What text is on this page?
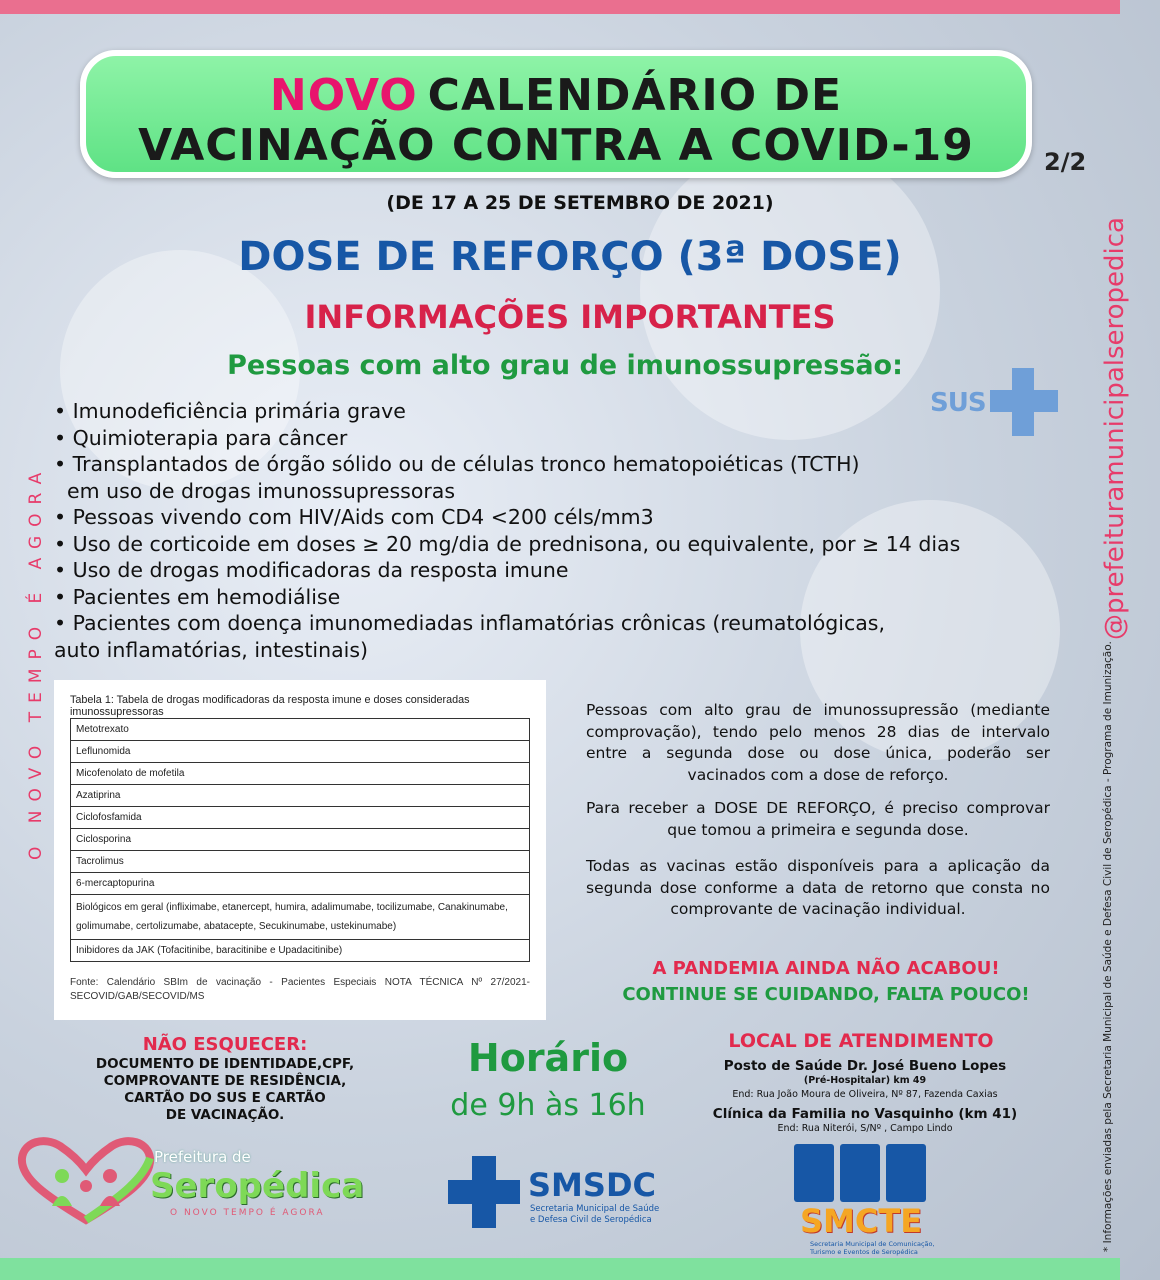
NOVO CALENDÁRIO DE
VACINAÇÃO CONTRA A COVID-19	2/2
(DE 17 A 25 DE SETEMBRO DE 2021)
DOSE DE REFORÇO (3ª DOSE)
INFORMAÇÕES IMPORTANTES
Pessoas com alto grau de imunossupressão:
SUS
• Imunodeficiência primária grave
• Quimioterapia para câncer
• Transplantados de órgão sólido ou de células tronco hematopoiéticas (TCTH)
em uso de drogas imunossupressoras
• Pessoas vivendo com HIV/Aids com CD4 <200 céls/mm3
• Uso de corticoide em doses ≥ 20 mg/dia de prednisona, ou equivalente, por ≥ 14 dias
• Uso de drogas modificadoras da resposta imune
• Pacientes em hemodiálise
• Pacientes com doença imunomediadas inflamatórias crônicas (reumatológicas,
auto inflamatórias, intestinais)
O NOVO TEMPO É AGORA
@prefeituramunicipalseropedica
* Informações enviadas pela Secretaria Municipal de Saúde e Defesa Civil de Seropédica - Programa de Imunização.
Tabela 1: Tabela de drogas modificadoras da resposta imune e doses consideradas imunossupressoras
Metotrexato
Leflunomida
Micofenolato de mofetila
Azatiprina
Ciclofosfamida
Ciclosporina
Tacrolimus
6-mercaptopurina
Biológicos em geral (infliximabe, etanercept, humira, adalimumabe, tocilizumabe, Canakinumabe, golimumabe, certolizumabe, abatacepte, Secukinumabe, ustekinumabe)
Inibidores da JAK (Tofacitinibe, baracitinibe e Upadacitinibe)
Fonte: Calendário SBIm de vacinação - Pacientes Especiais NOTA TÉCNICA Nº 27/2021-SECOVID/GAB/SECOVID/MS

Pessoas com alto grau de imunossupressão (mediante comprovação), tendo pelo menos 28 dias de intervalo entre a segunda dose ou dose única, poderão ser vacinados com a dose de reforço.

Para receber a DOSE DE REFORÇO, é preciso comprovar que tomou a primeira e segunda dose.

Todas as vacinas estão disponíveis para a aplicação da segunda dose conforme a data de retorno que consta no comprovante de vacinação individual.

A PANDEMIA AINDA NÃO ACABOU!
CONTINUE SE CUIDANDO, FALTA POUCO!
NÃO ESQUECER:
DOCUMENTO DE IDENTIDADE,CPF,
COMPROVANTE DE RESIDÊNCIA,
CARTÃO DO SUS E CARTÃO
DE VACINAÇÃO.
Horário
de 9h às 16h
LOCAL DE ATENDIMENTO
Posto de Saúde Dr. José Bueno Lopes
(Pré-Hospitalar) km 49
End: Rua João Moura de Oliveira, Nº 87, Fazenda Caxias
Clínica da Familia no Vasquinho (km 41)
End: Rua Niterói, S/Nº , Campo Lindo
Prefeitura de
Seropédica
O NOVO TEMPO É AGORA
SMSDC
Secretaria Municipal de Saúde
e Defesa Civil de Seropédica	SMCTE
Secretaria Municipal de Comunicação,
Turismo e Eventos de Seropédica
